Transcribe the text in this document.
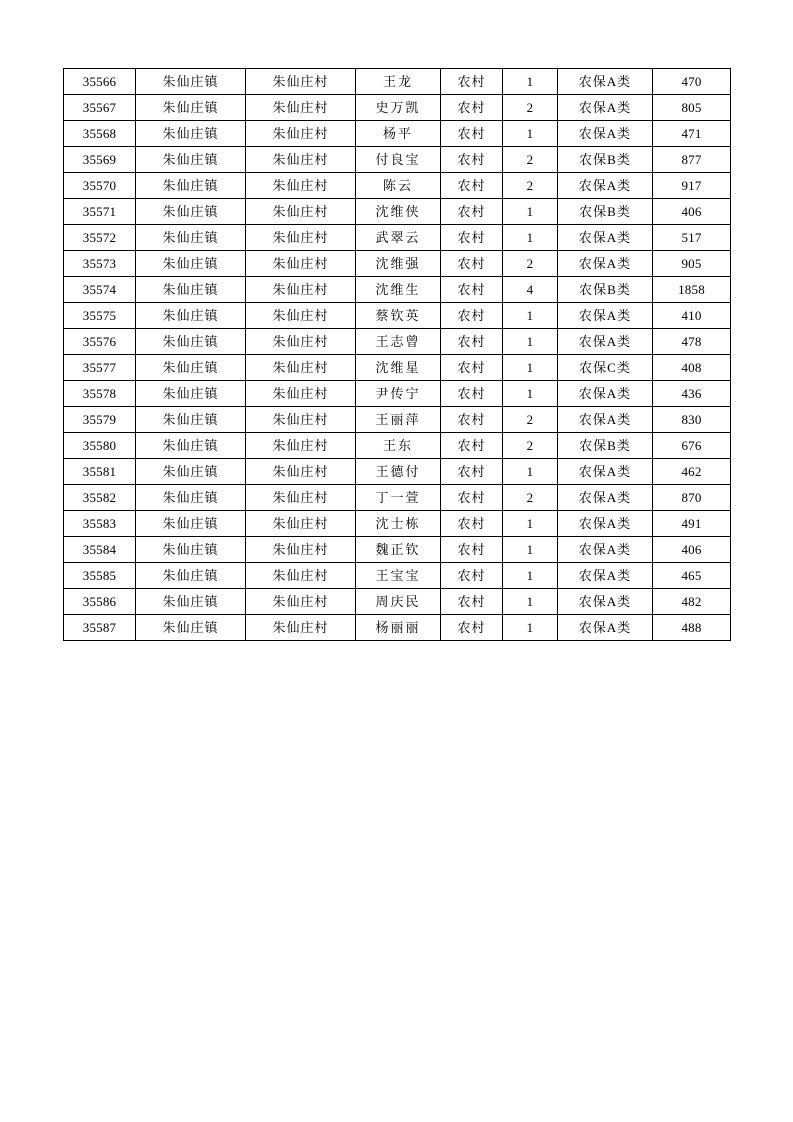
35566	朱仙庄镇	朱仙庄村	王龙	农村	1	农保A类	470
35567	朱仙庄镇	朱仙庄村	史万凯	农村	2	农保A类	805
35568	朱仙庄镇	朱仙庄村	杨平	农村	1	农保A类	471
35569	朱仙庄镇	朱仙庄村	付良宝	农村	2	农保B类	877
35570	朱仙庄镇	朱仙庄村	陈云	农村	2	农保A类	917
35571	朱仙庄镇	朱仙庄村	沈维侠	农村	1	农保B类	406
35572	朱仙庄镇	朱仙庄村	武翠云	农村	1	农保A类	517
35573	朱仙庄镇	朱仙庄村	沈维强	农村	2	农保A类	905
35574	朱仙庄镇	朱仙庄村	沈维生	农村	4	农保B类	1858
35575	朱仙庄镇	朱仙庄村	蔡钦英	农村	1	农保A类	410
35576	朱仙庄镇	朱仙庄村	王志曾	农村	1	农保A类	478
35577	朱仙庄镇	朱仙庄村	沈维星	农村	1	农保C类	408
35578	朱仙庄镇	朱仙庄村	尹传宁	农村	1	农保A类	436
35579	朱仙庄镇	朱仙庄村	王丽萍	农村	2	农保A类	830
35580	朱仙庄镇	朱仙庄村	王东	农村	2	农保B类	676
35581	朱仙庄镇	朱仙庄村	王德付	农村	1	农保A类	462
35582	朱仙庄镇	朱仙庄村	丁一萱	农村	2	农保A类	870
35583	朱仙庄镇	朱仙庄村	沈士栋	农村	1	农保A类	491
35584	朱仙庄镇	朱仙庄村	魏正钦	农村	1	农保A类	406
35585	朱仙庄镇	朱仙庄村	王宝宝	农村	1	农保A类	465
35586	朱仙庄镇	朱仙庄村	周庆民	农村	1	农保A类	482
35587	朱仙庄镇	朱仙庄村	杨丽丽	农村	1	农保A类	488
